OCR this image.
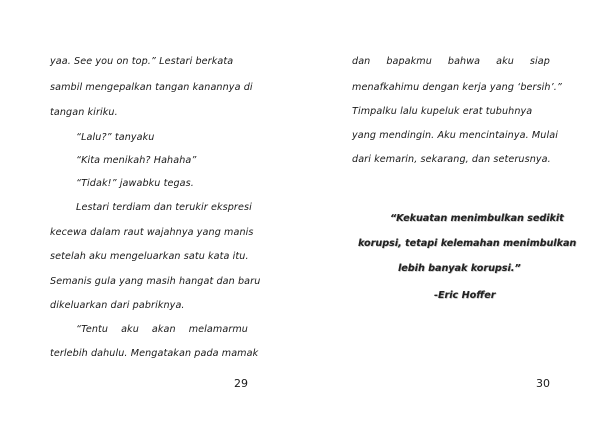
yaa. See you on top.” Lestari berkata
sambil mengepalkan tangan kanannya di
tangan kiriku.
“Lalu?” tanyaku
“Kita menikah? Hahaha”
“Tidak!” jawabku tegas.
Lestari terdiam dan terukir ekspresi
kecewa dalam raut wajahnya yang manis
setelah aku mengeluarkan satu kata itu.
Semanis gula yang masih hangat dan baru
dikeluarkan dari pabriknya.
“Tentu aku akan melamarmu
terlebih dahulu. Mengatakan pada mamak
29
dan bapakmu bahwa aku siap
menafkahimu dengan kerja yang ‘bersih’.”
Timpalku lalu kupeluk erat tubuhnya
yang mendingin. Aku mencintainya. Mulai
dari kemarin, sekarang, dan seterusnya.
“Kekuatan menimbulkan sedikit
korupsi, tetapi kelemahan menimbulkan
lebih banyak korupsi.”
-Eric Hoffer
30
